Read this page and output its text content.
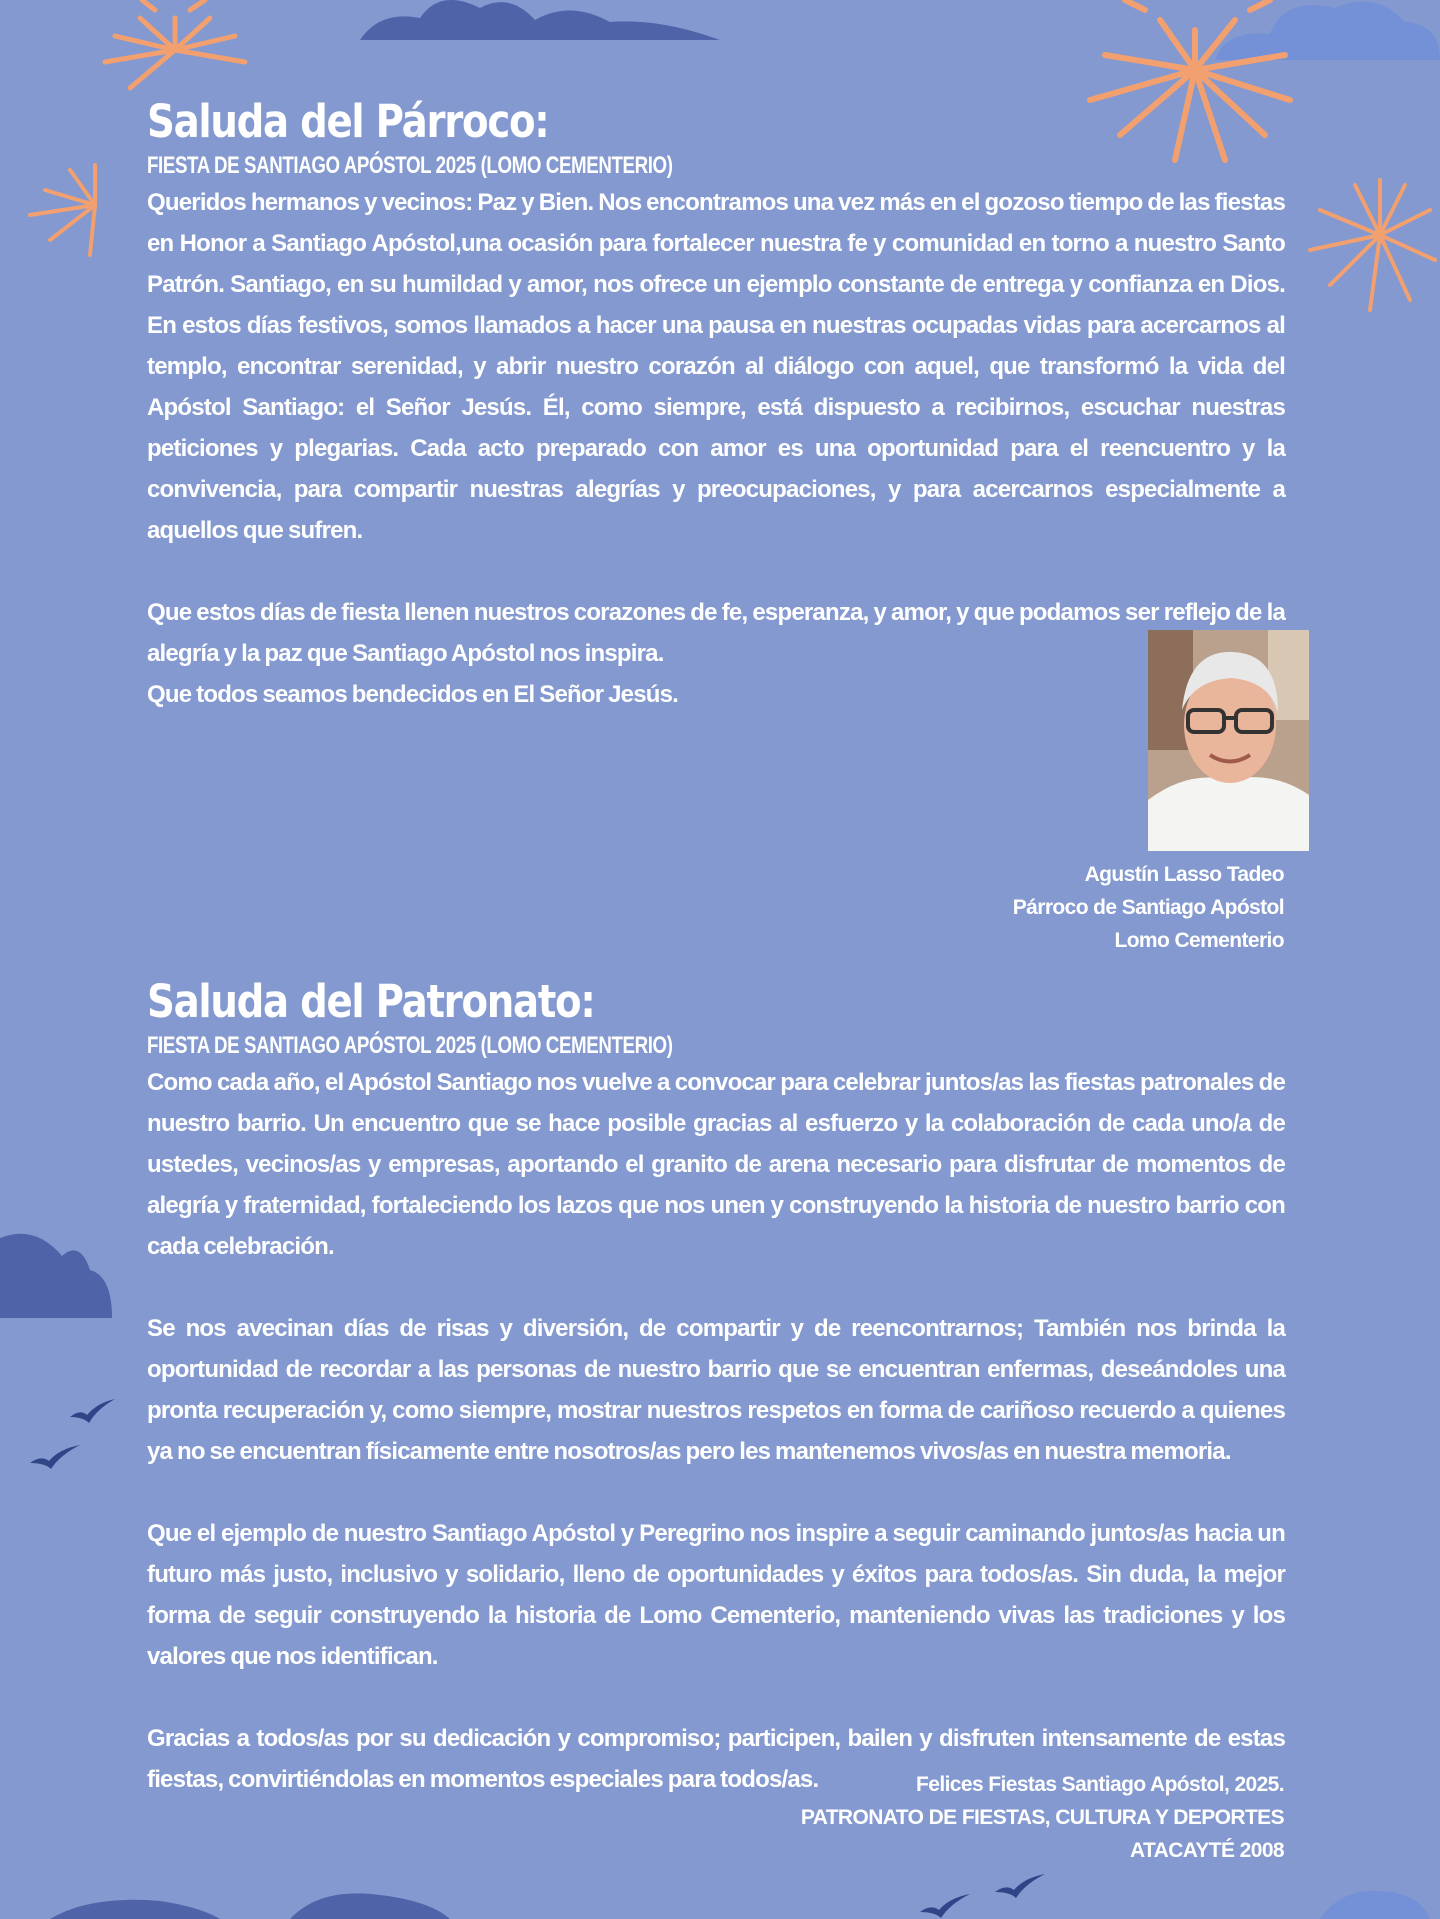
Saluda del Párroco:
FIESTA DE SANTIAGO APÓSTOL 2025 (LOMO CEMENTERIO)

Queridos hermanos y vecinos: Paz y Bien. Nos encontramos una vez más en el gozoso tiempo de las fiestas en Honor a Santiago Apóstol,una ocasión para fortalecer nuestra fe y comunidad en torno a nuestro Santo Patrón. Santiago, en su humildad y amor, nos ofrece un ejemplo constante de entrega y confianza en Dios. En estos días festivos, somos llamados a hacer una pausa en nuestras ocupadas vidas para acercarnos al templo, encontrar serenidad, y abrir nuestro corazón al diálogo con aquel, que transformó la vida del Apóstol Santiago: el Señor Jesús. Él, como siempre, está dispuesto a recibirnos, escuchar nuestras peticiones y plegarias. Cada acto preparado con amor es una oportunidad para el reencuentro y la convivencia, para compartir nuestras alegrías y preocupaciones, y para acercarnos especialmente a aquellos que sufren.

Que estos días de fiesta llenen nuestros corazones de fe, esperanza, y amor, y que podamos ser reflejo de la alegría y la paz que Santiago Apóstol nos inspira.

Que todos seamos bendecidos en El Señor Jesús.

Agustín Lasso Tadeo
Párroco de Santiago Apóstol
Lomo Cementerio
Saluda del Patronato:
FIESTA DE SANTIAGO APÓSTOL 2025 (LOMO CEMENTERIO)

Como cada año, el Apóstol Santiago nos vuelve a convocar para celebrar juntos/as las fiestas patronales de nuestro barrio. Un encuentro que se hace posible gracias al esfuerzo y la colaboración de cada uno/a de ustedes, vecinos/as y empresas, aportando el granito de arena necesario para disfrutar de momentos de alegría y fraternidad, fortaleciendo los lazos que nos unen y construyendo la historia de nuestro barrio con cada celebración.

Se nos avecinan días de risas y diversión, de compartir y de reencontrarnos; También nos brinda la oportunidad de recordar a las personas de nuestro barrio que se encuentran enfermas, deseándoles una pronta recuperación y, como siempre, mostrar nuestros respetos en forma de cariñoso recuerdo a quienes ya no se encuentran físicamente entre nosotros/as pero les mantenemos vivos/as en nuestra memoria.

Que el ejemplo de nuestro Santiago Apóstol y Peregrino nos inspire a seguir caminando juntos/as hacia un futuro más justo, inclusivo y solidario, lleno de oportunidades y éxitos para todos/as. Sin duda, la mejor forma de seguir construyendo la historia de Lomo Cementerio, manteniendo vivas las tradiciones y los valores que nos identifican.

Gracias a todos/as por su dedicación y compromiso; participen, bailen y disfruten intensamente de estas fiestas, convirtiéndolas en momentos especiales para todos/as.	Felices Fiestas Santiago Apóstol, 2025.
PATRONATO DE FIESTAS, CULTURA Y DEPORTES
ATACAYTÉ 2008
